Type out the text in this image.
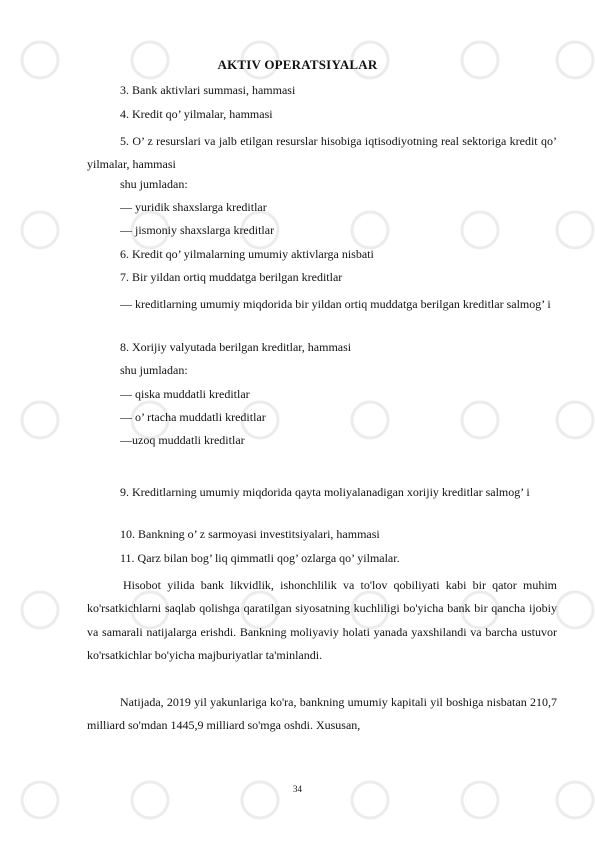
AKTIV OPERATSIYALAR
3. Bank aktivlari summasi, hammasi
4. Kredit qo’ yilmalar, hammasi
5. O’ z resurslari va jalb etilgan resurslar hisobiga iqtisodiyotning real sektoriga kredit qo’ yilmalar, hammasi
shu jumladan:
— yuridik shaxslarga kreditlar
— jismoniy shaxslarga kreditlar
6. Kredit qo’ yilmalarning umumiy aktivlarga nisbati
7. Bir yildan ortiq muddatga berilgan kreditlar
— kreditlarning umumiy miqdorida bir yildan ortiq muddatga berilgan kreditlar salmog’ i
8. Xorijiy valyutada berilgan kreditlar, hammasi
shu jumladan:
— qiska muddatli kreditlar
— o’ rtacha muddatli kreditlar
—uzoq muddatli kreditlar
9. Kreditlarning umumiy miqdorida qayta moliyalanadigan xorijiy kreditlar salmog’ i
10. Bankning o’ z sarmoyasi investitsiyalari, hammasi
11. Qarz bilan bog’ liq qimmatli qog’ ozlarga qo’ yilmalar.
Hisobot yilida bank likvidlik, ishonchlilik va to'lov qobiliyati kabi bir qator muhim ko'rsatkichlarni saqlab qolishga qaratilgan siyosatning kuchliligi bo'yicha bank bir qancha ijobiy va samarali natijalarga erishdi. Bankning moliyaviy holati yanada yaxshilandi va barcha ustuvor ko'rsatkichlar bo'yicha majburiyatlar ta'minlandi.
Natijada, 2019 yil yakunlariga ko'ra, bankning umumiy kapitali yil boshiga nisbatan 210,7 milliard so'mdan 1445,9 milliard so'mga oshdi. Xususan,
34
